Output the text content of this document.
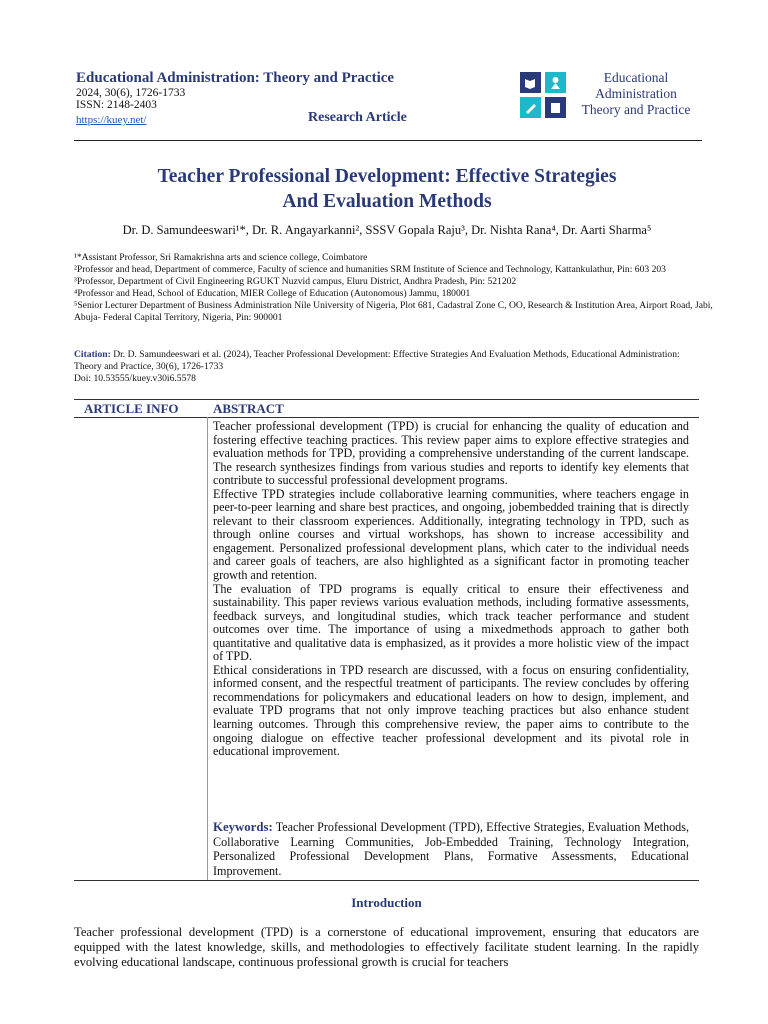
Educational Administration: Theory and Practice
2024, 30(6), 1726-1733
ISSN: 2148-2403
https://kuey.net/	Research Article
Educational
Administration
Theory and Practice
Teacher Professional Development: Effective Strategies
And Evaluation Methods
Dr. D. Samundeeswari¹*, Dr. R. Angayarkanni², SSSV Gopala Raju³, Dr. Nishta Rana⁴, Dr. Aarti Sharma⁵
¹*Assistant Professor, Sri Ramakrishna arts and science college, Coimbatore
²Professor and head, Department of commerce, Faculty of science and humanities SRM Institute of Science and Technology, Kattankulathur, Pin: 603 203
³Professor, Department of Civil Engineering RGUKT Nuzvid campus, Eluru District, Andhra Pradesh, Pin: 521202
⁴Professor and Head, School of Education, MIER College of Education (Autonomous) Jammu, 180001
⁵Senior Lecturer Department of Business Administration Nile University of Nigeria, Plot 681, Cadastral Zone C, OO, Research & Institution Area, Airport Road, Jabi, Abuja- Federal Capital Territory, Nigeria, Pin: 900001
Citation: Dr. D. Samundeeswari et al. (2024), Teacher Professional Development: Effective Strategies And Evaluation Methods, Educational Administration: Theory and Practice, 30(6), 1726-1733
Doi: 10.53555/kuey.v30i6.5578
ARTICLE INFO	ABSTRACT

Teacher professional development (TPD) is crucial for enhancing the quality of education and fostering effective teaching practices. This review paper aims to explore effective strategies and evaluation methods for TPD, providing a comprehensive understanding of the current landscape. The research synthesizes findings from various studies and reports to identify key elements that contribute to successful professional development programs.

Effective TPD strategies include collaborative learning communities, where teachers engage in peer-to-peer learning and share best practices, and ongoing, jobembedded training that is directly relevant to their classroom experiences. Additionally, integrating technology in TPD, such as through online courses and virtual workshops, has shown to increase accessibility and engagement. Personalized professional development plans, which cater to the individual needs and career goals of teachers, are also highlighted as a significant factor in promoting teacher growth and retention.

The evaluation of TPD programs is equally critical to ensure their effectiveness and sustainability. This paper reviews various evaluation methods, including formative assessments, feedback surveys, and longitudinal studies, which track teacher performance and student outcomes over time. The importance of using a mixedmethods approach to gather both quantitative and qualitative data is emphasized, as it provides a more holistic view of the impact of TPD.

Ethical considerations in TPD research are discussed, with a focus on ensuring confidentiality, informed consent, and the respectful treatment of participants. The review concludes by offering recommendations for policymakers and educational leaders on how to design, implement, and evaluate TPD programs that not only improve teaching practices but also enhance student learning outcomes. Through this comprehensive review, the paper aims to contribute to the ongoing dialogue on effective teacher professional development and its pivotal role in educational improvement.

Keywords: Teacher Professional Development (TPD), Effective Strategies, Evaluation Methods, Collaborative Learning Communities, Job-Embedded Training, Technology Integration, Personalized Professional Development Plans, Formative Assessments, Educational Improvement.
Introduction

Teacher professional development (TPD) is a cornerstone of educational improvement, ensuring that educators are equipped with the latest knowledge, skills, and methodologies to effectively facilitate student learning. In the rapidly evolving educational landscape, continuous professional growth is crucial for teachers
